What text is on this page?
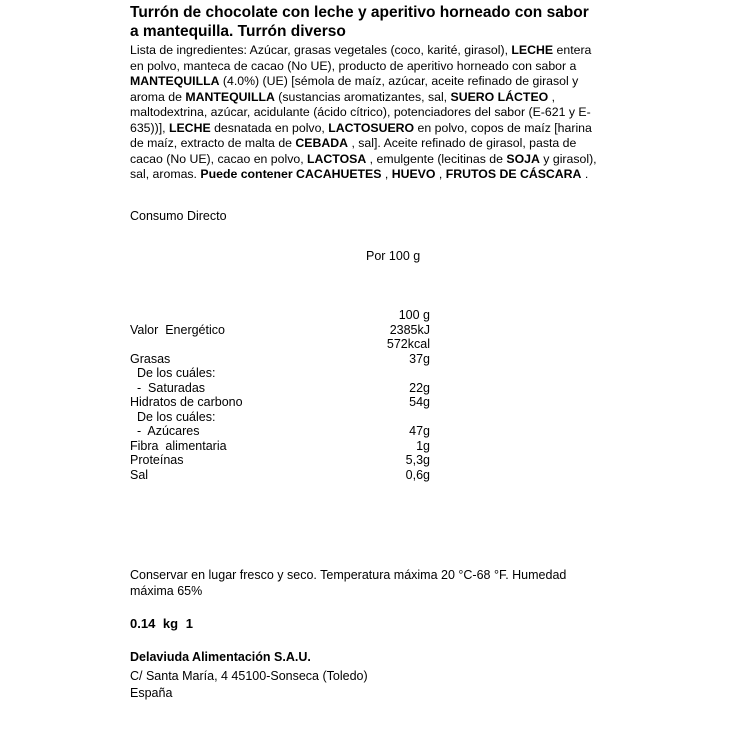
Turrón de chocolate con leche y aperitivo horneado con sabor a mantequilla. Turrón diverso
Lista de ingredientes: Azúcar, grasas vegetales (coco, karité, girasol), LECHE entera en polvo, manteca de cacao (No UE), producto de aperitivo horneado con sabor a MANTEQUILLA (4.0%) (UE) [sémola de maíz, azúcar, aceite refinado de girasol y aroma de MANTEQUILLA (sustancias aromatizantes, sal, SUERO LÁCTEO , maltodextrina, azúcar, acidulante (ácido cítrico), potenciadores del sabor (E-621 y E-635))], LECHE desnatada en polvo, LACTOSUERO en polvo, copos de maíz [harina de maíz, extracto de malta de CEBADA , sal]. Aceite refinado de girasol, pasta de cacao (No UE), cacao en polvo, LACTOSA , emulgente (lecitinas de SOJA y girasol), sal, aromas. Puede contener CACAHUETES , HUEVO , FRUTOS DE CÁSCARA .
Consumo Directo
Por 100 g
100 g
Valor  Energético	2385kJ
572kcal
Grasas	37g
De los cuáles:
-  Saturadas	22g
Hidratos de carbono	54g
De los cuáles:
-  Azúcares	47g
Fibra  alimentaria	1g
Proteínas	5,3g
Sal	0,6g
Conservar en lugar fresco y seco. Temperatura máxima 20 °C-68 °F. Humedad máxima 65%
0.14 kg 1
Delaviuda Alimentación S.A.U.
C/ Santa María, 4 45100-Sonseca (Toledo)
España
